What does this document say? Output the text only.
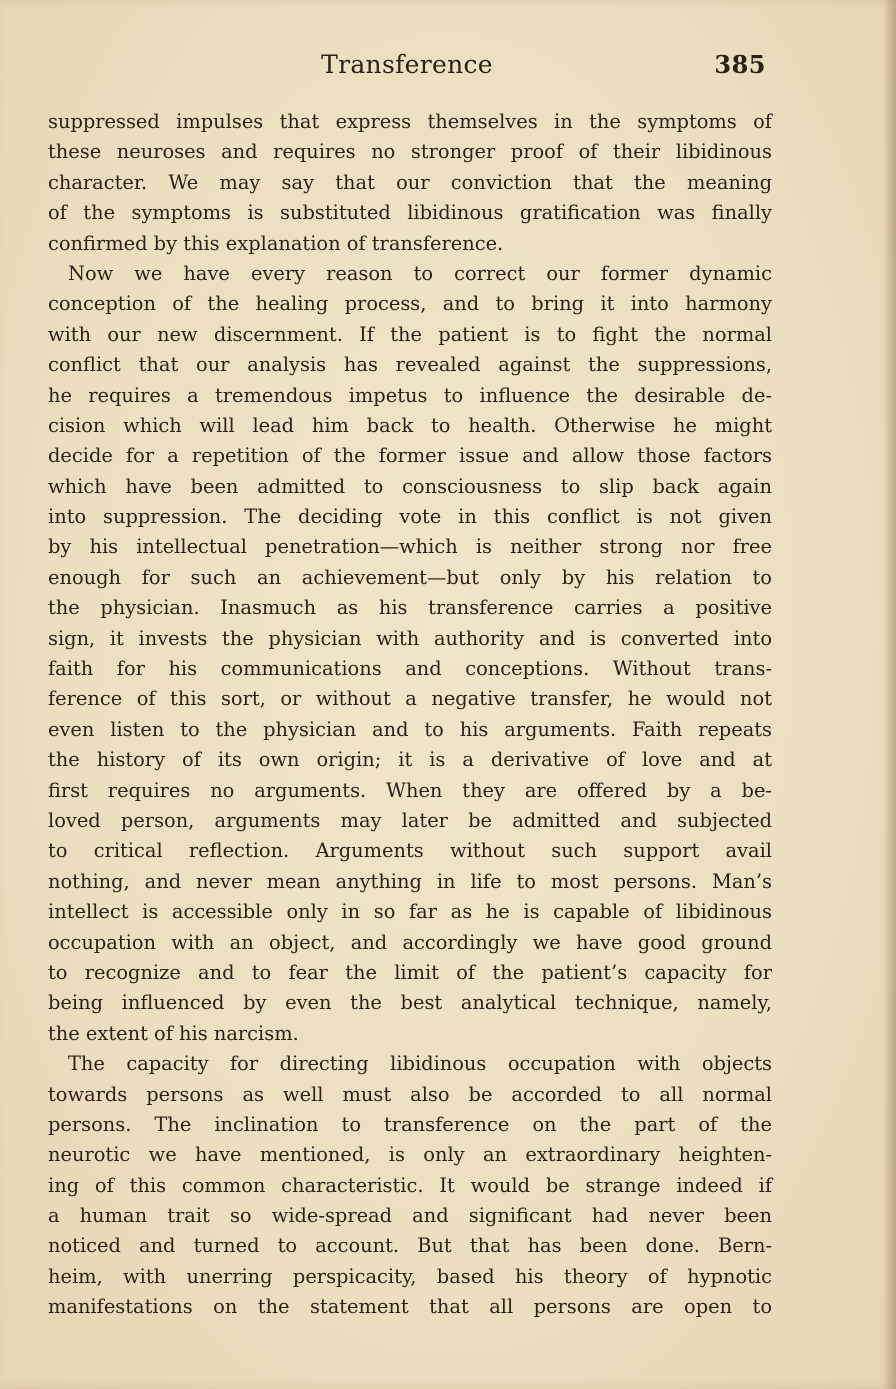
Transference	385
suppressed impulses that express themselves in the symptoms of
these neuroses and requires no stronger proof of their libidinous
character. We may say that our conviction that the meaning
of the symptoms is substituted libidinous gratification was finally
confirmed by this explanation of transference.
Now we have every reason to correct our former dynamic
conception of the healing process, and to bring it into harmony
with our new discernment. If the patient is to fight the normal
conflict that our analysis has revealed against the suppressions,
he requires a tremendous impetus to influence the desirable de-
cision which will lead him back to health. Otherwise he might
decide for a repetition of the former issue and allow those factors
which have been admitted to consciousness to slip back again
into suppression. The deciding vote in this conflict is not given
by his intellectual penetration—which is neither strong nor free
enough for such an achievement—but only by his relation to
the physician. Inasmuch as his transference carries a positive
sign, it invests the physician with authority and is converted into
faith for his communications and conceptions. Without trans-
ference of this sort, or without a negative transfer, he would not
even listen to the physician and to his arguments. Faith repeats
the history of its own origin; it is a derivative of love and at
first requires no arguments. When they are offered by a be-
loved person, arguments may later be admitted and subjected
to critical reflection. Arguments without such support avail
nothing, and never mean anything in life to most persons. Man’s
intellect is accessible only in so far as he is capable of libidinous
occupation with an object, and accordingly we have good ground
to recognize and to fear the limit of the patient’s capacity for
being influenced by even the best analytical technique, namely,
the extent of his narcism.
The capacity for directing libidinous occupation with objects
towards persons as well must also be accorded to all normal
persons. The inclination to transference on the part of the
neurotic we have mentioned, is only an extraordinary heighten-
ing of this common characteristic. It would be strange indeed if
a human trait so wide-spread and significant had never been
noticed and turned to account. But that has been done. Bern-
heim, with unerring perspicacity, based his theory of hypnotic
manifestations on the statement that all persons are open to
